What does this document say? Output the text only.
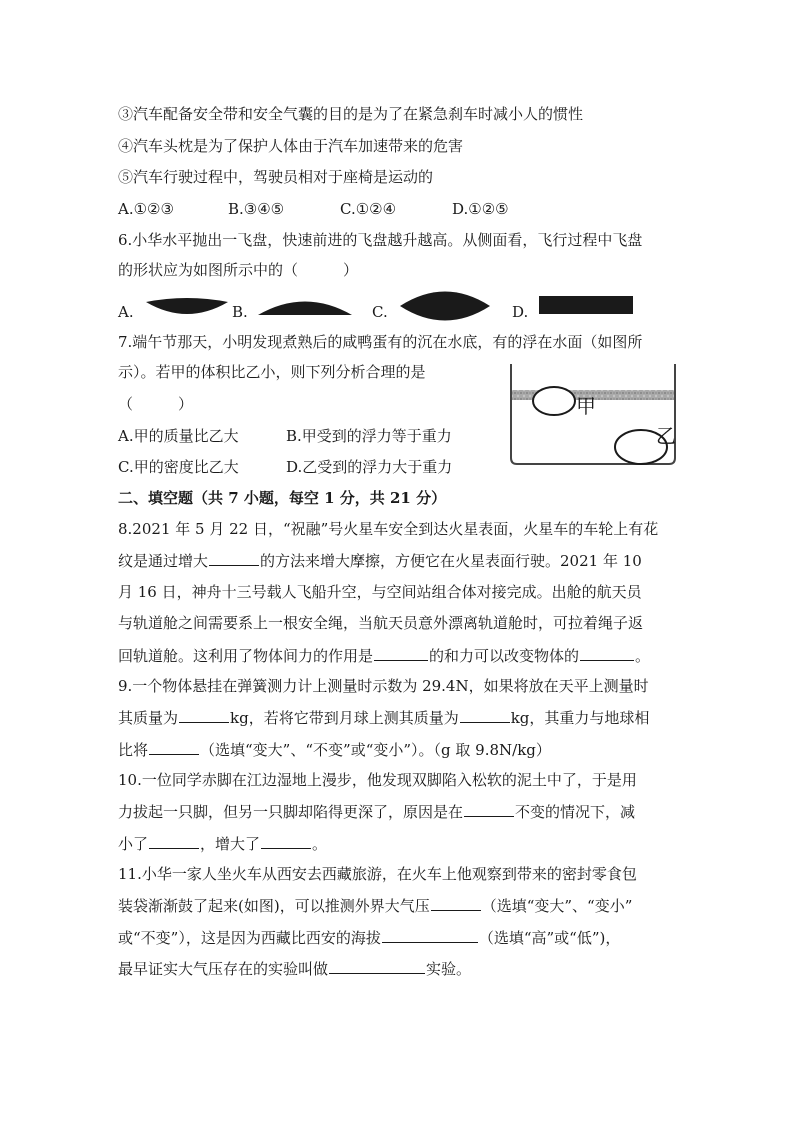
③汽车配备安全带和安全气囊的目的是为了在紧急刹车时减小人的惯性
④汽车头枕是为了保护人体由于汽车加速带来的危害
⑤汽车行驶过程中，驾驶员相对于座椅是运动的
A.①②③	B.③④⑤	C.①②④	D.①②⑤
6.小华水平抛出一飞盘，快速前进的飞盘越升越高。从侧面看，飞行过程中飞盘
的形状应为如图所示中的（　　　）
A.	B.	C.	D.
7.端午节那天，小明发现煮熟后的咸鸭蛋有的沉在水底，有的浮在水面（如图所
示）。若甲的体积比乙小，则下列分析合理的是
（　　　）
A.甲的质量比乙大	B.甲受到的浮力等于重力
C.甲的密度比乙大	D.乙受到的浮力大于重力
甲
乙
二、填空题（共 7 小题，每空 1 分，共 21 分）
8.2021 年 5 月 22 日，“祝融”号火星车安全到达火星表面，火星车的车轮上有花
纹是通过增大	的方法来增大摩擦，方便它在火星表面行驶。2021 年 10
月 16 日，神舟十三号载人飞船升空，与空间站组合体对接完成。出舱的航天员
与轨道舱之间需要系上一根安全绳，当航天员意外漂离轨道舱时，可拉着绳子返
回轨道舱。这利用了物体间力的作用是	的和力可以改变物体的	。
9.一个物体悬挂在弹簧测力计上测量时示数为 29.4N，如果将放在天平上测量时
其质量为	kg，若将它带到月球上测其质量为	kg，其重力与地球相
比将	（选填“变大”、“不变”或“变小”）。（g 取 9.8N/kg）
10.一位同学赤脚在江边湿地上漫步，他发现双脚陷入松软的泥土中了，于是用
力拔起一只脚，但另一只脚却陷得更深了，原因是在	不变的情况下，减
小了	，增大了	。
11.小华一家人坐火车从西安去西藏旅游，在火车上他观察到带来的密封零食包
装袋渐渐鼓了起来(如图)，可以推测外界大气压	（选填“变大”、“变小”
或“不变”），这是因为西藏比西安的海拔	（选填“高”或“低”)，
最早证实大气压存在的实验叫做	实验。
